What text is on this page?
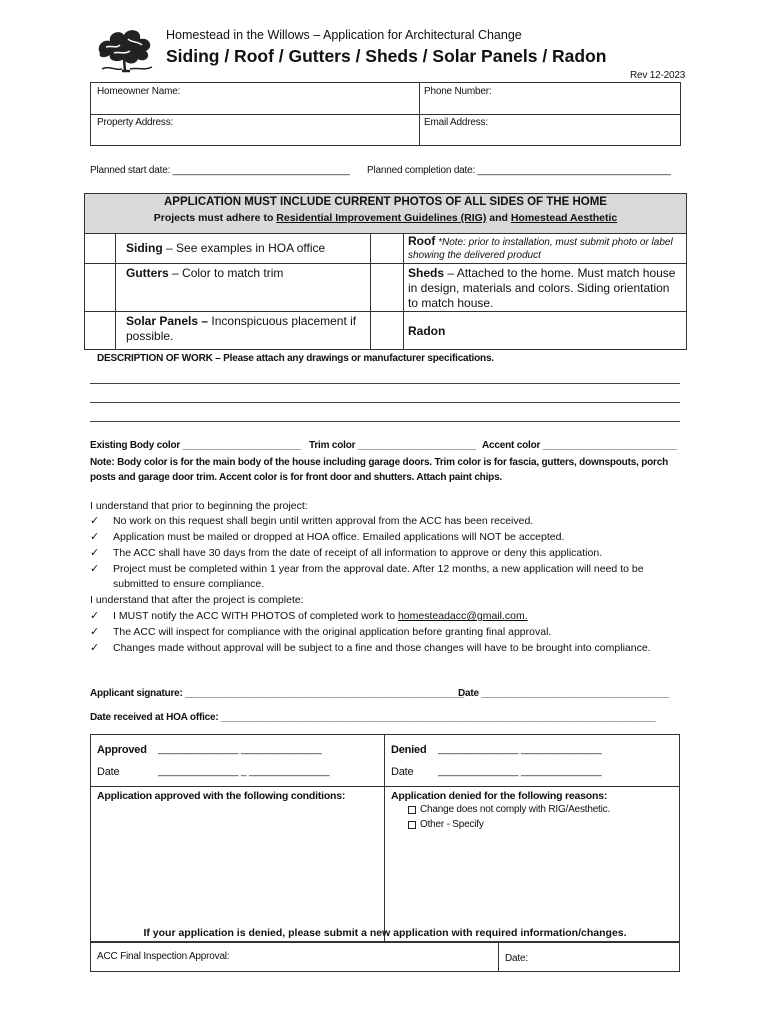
Homestead in the Willows – Application for Architectural Change
Siding / Roof / Gutters / Sheds / Solar Panels / Radon
Rev 12-2023
Homeowner Name:	Phone Number:
Property Address:	Email Address:
Planned start date: _________________________________ Planned completion date: ____________________________________
APPLICATION MUST INCLUDE CURRENT PHOTOS OF ALL SIDES OF THE HOME
Projects must adhere to Residential Improvement Guidelines (RIG) and Homestead Aesthetic
Siding – See examples in HOA office	Roof *Note: prior to installation, must submit photo or label showing the delivered product
Gutters – Color to match trim	Sheds – Attached to the home. Must match house in design, materials and colors. Siding orientation to match house.
Solar Panels – Inconspicuous placement if possible.	Radon
DESCRIPTION OF WORK – Please attach any drawings or manufacturer specifications.
Existing Body color ______________________ Trim color ______________________ Accent color _________________________
Note: Body color is for the main body of the house including garage doors. Trim color is for fascia, gutters, downspouts, porch posts and garage door trim. Accent color is for front door and shutters. Attach paint chips.
I understand that prior to beginning the project:
✓ No work on this request shall begin until written approval from the ACC has been received.
✓ Application must be mailed or dropped at HOA office. Emailed applications will NOT be accepted.
✓ The ACC shall have 30 days from the date of receipt of all information to approve or deny this application.
✓ Project must be completed within 1 year from the approval date. After 12 months, a new application will need to be submitted to ensure compliance.
I understand that after the project is complete:
✓ I MUST notify the ACC WITH PHOTOS of completed work to homesteadacc@gmail.com.
✓ The ACC will inspect for compliance with the original application before granting final approval.
✓ Changes made without approval will be subject to a fine and those changes will have to be brought into compliance.
Applicant signature: ____________________________________________________
Date ___________________________________
Date received at HOA office: _________________________________________________________________________________
Approved _______________ _______________
Date	_______________ _ _______________
Denied _______________ _______________
Date _______________ _______________
Application approved with the following conditions:	Application denied for the following reasons:
Change does not comply with RIG/Aesthetic.
Other - Specify
If your application is denied, please submit a new application with required information/changes.
ACC Final Inspection Approval:	Date:
